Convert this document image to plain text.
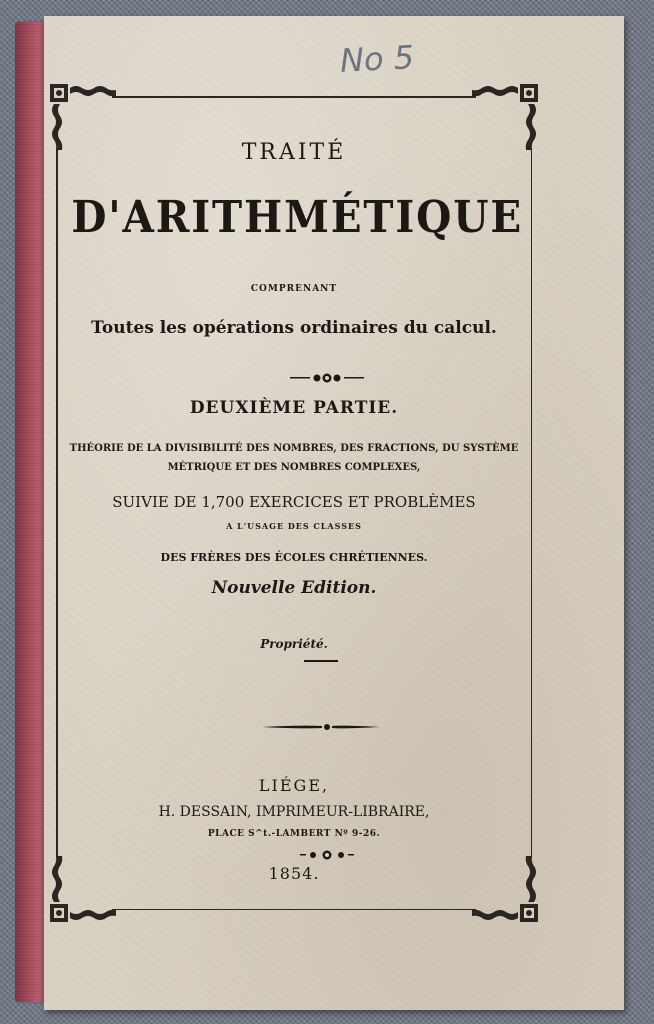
No 5
TRAITÉ
D'ARITHMÉTIQUE
COMPRENANT
Toutes les opérations ordinaires du calcul.
DEUXIÈME PARTIE.
THÉORIE DE LA DIVISIBILITÉ DES NOMBRES, DES FRACTIONS, DU SYSTÈME
MÉTRIQUE ET DES NOMBRES COMPLEXES,
SUIVIE DE 1,700 EXERCICES ET PROBLÈMES
A L'USAGE DES CLASSES
DES FRÈRES DES ÉCOLES CHRÉTIENNES.
Nouvelle Edition.
Propriété.
LIÉGE,
H. DESSAIN, IMPRIMEUR-LIBRAIRE,
PLACE S^t.-LAMBERT Nº 9-26.
1854.
